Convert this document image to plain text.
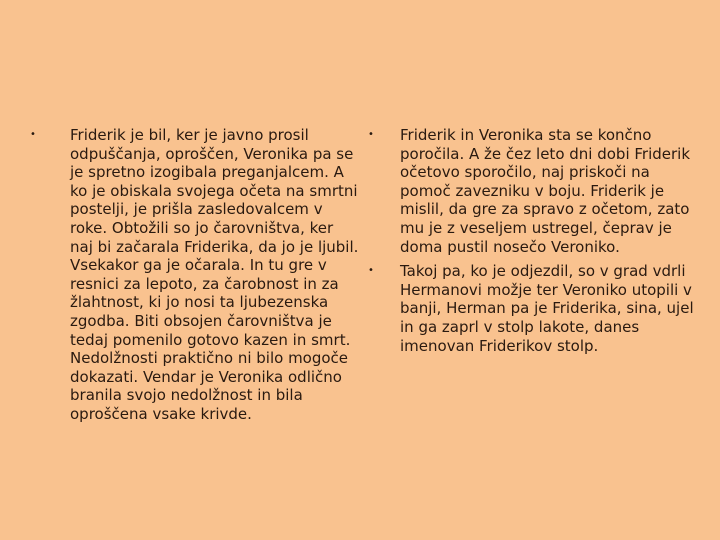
• Friderik je bil, ker je javno prosil odpuščanja, oproščen, Veronika pa se je spretno izogibala preganjalcem. A ko je obiskala svojega očeta na smrtni postelji, je prišla zasledovalcem v roke. Obtožili so jo čarovništva, ker naj bi začarala Friderika, da jo je ljubil. Vsekakor ga je očarala. In tu gre v resnici za lepoto, za čarobnost in za žlahtnost, ki jo nosi ta ljubezenska zgodba. Biti obsojen čarovništva je tedaj pomenilo gotovo kazen in smrt. Nedolžnosti praktično ni bilo mogoče dokazati. Vendar je Veronika odlično branila svojo nedolžnost in bila oproščena vsake krivde.
• Friderik in Veronika sta se končno poročila. A že čez leto dni dobi Friderik očetovo sporočilo, naj priskoči na pomoč zavezniku v boju. Friderik je mislil, da gre za spravo z očetom, zato mu je z veseljem ustregel, čeprav je doma pustil nosečo Veroniko.
• Takoj pa, ko je odjezdil, so v grad vdrli Hermanovi možje ter Veroniko utopili v banji, Herman pa je Friderika, sina, ujel in ga zaprl v stolp lakote, danes imenovan Friderikov stolp.
